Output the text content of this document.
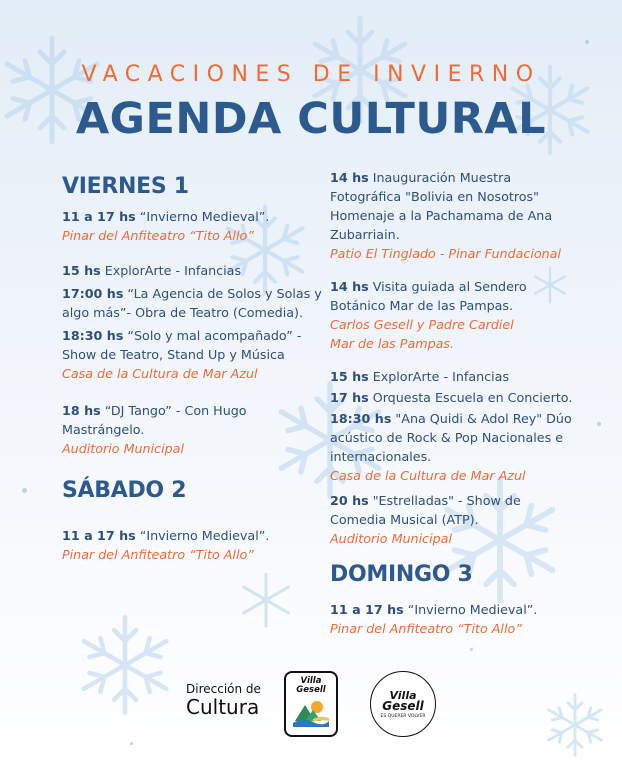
VACACIONES DE INVIERNO
AGENDA CULTURAL
VIERNES 1
11 a 17 hs “Invierno Medieval”.
Pinar del Anfiteatro “Tito Allo”
15 hs ExplorArte - Infancias
17:00 hs “La Agencia de Solos y Solas y algo más”- Obra de Teatro (Comedia).
18:30 hs “Solo y mal acompañado” - Show de Teatro, Stand Up y Música
Casa de la Cultura de Mar Azul
18 hs “DJ Tango” - Con Hugo Mastrángelo.
Auditorio Municipal
SÁBADO 2
11 a 17 hs “Invierno Medieval”.
Pinar del Anfiteatro “Tito Allo”
14 hs Inauguración Muestra Fotográfica "Bolivia en Nosotros" Homenaje a la Pachamama de Ana Zubarriain.
Patio El Tinglado - Pinar Fundacional
14 hs Visita guiada al Sendero Botánico Mar de las Pampas.
Carlos Gesell y Padre Cardiel Mar de las Pampas.
15 hs ExplorArte - Infancias
17 hs Orquesta Escuela en Concierto.
18:30 hs "Ana Quidi & Adol Rey" Dúo acústico de Rock & Pop Nacionales e internacionales.
Casa de la Cultura de Mar Azul
20 hs "Estrelladas" - Show de Comedia Musical (ATP).
Auditorio Municipal
DOMINGO 3
11 a 17 hs “Invierno Medieval”.
Pinar del Anfiteatro “Tito Allo”
Dirección de
Cultura
Villa
Gesell	Villa
Gesell
ES QUERER VOLVER
